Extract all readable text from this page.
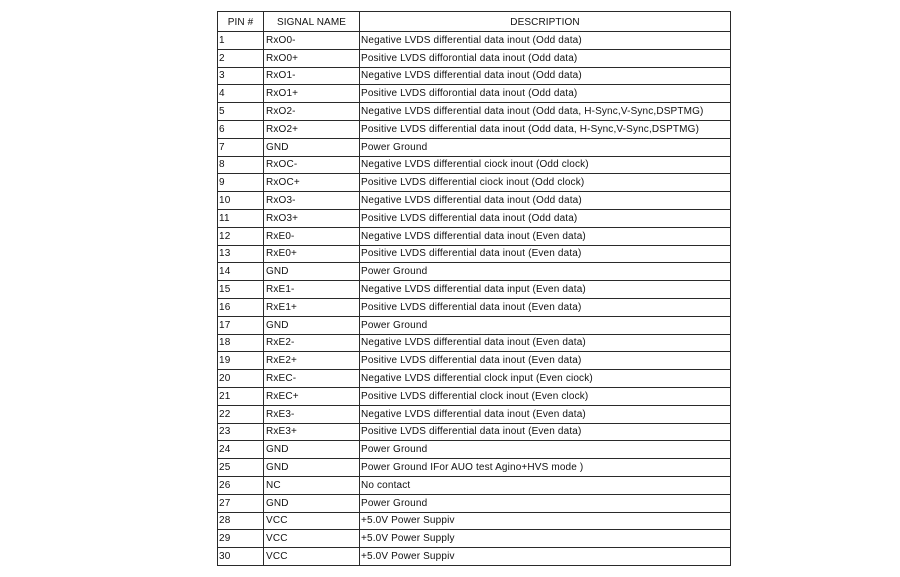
PIN #	SIGNAL NAME	DESCRIPTION
1	RxO0-	Negative LVDS differential data inout (Odd data)
2	RxO0+	Positive LVDS difforontial data inout (Odd data)
3	RxO1-	Negative LVDS differential data inout (Odd data)
4	RxO1+	Positive LVDS difforontial data inout (Odd data)
5	RxO2-	Negative LVDS differential data inout (Odd data, H-Sync,V-Sync,DSPTMG)
6	RxO2+	Positive LVDS differential data inout (Odd data, H-Sync,V-Sync,DSPTMG)
7	GND	Power Ground
8	RxOC-	Negative LVDS differential ciock inout (Odd clock)
9	RxOC+	Positive LVDS differential ciock inout (Odd clock)
10	RxO3-	Negative LVDS differential data inout (Odd data)
11	RxO3+	Positive LVDS differential data inout (Odd data)
12	RxE0-	Negative LVDS differential data inout (Even data)
13	RxE0+	Positive LVDS differential data inout (Even data)
14	GND	Power Ground
15	RxE1-	Negative LVDS differential data input (Even data)
16	RxE1+	Positive LVDS differential data inout (Even data)
17	GND	Power Ground
18	RxE2-	Negative LVDS differential data inout (Even data)
19	RxE2+	Positive LVDS differential data inout (Even data)
20	RxEC-	Negative LVDS differential clock input (Even ciock)
21	RxEC+	Positive LVDS differential clock inout (Even clock)
22	RxE3-	Negative LVDS differential data inout (Even data)
23	RxE3+	Positive LVDS differential data inout (Even data)
24	GND	Power Ground
25	GND	Power Ground IFor AUO test Agino+HVS mode )
26	NC	No contact
27	GND	Power Ground
28	VCC	+5.0V Power Suppiv
29	VCC	+5.0V Power Supply
30	VCC	+5.0V Power Suppiv
